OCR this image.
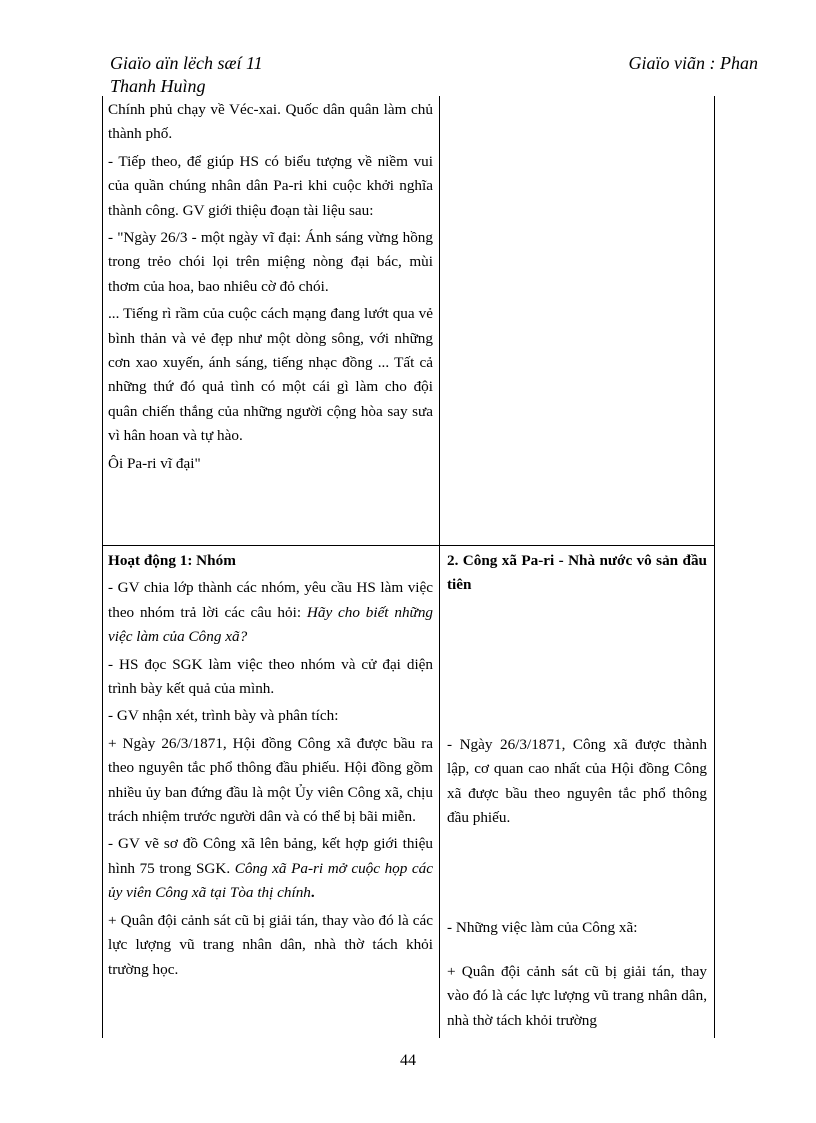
Giaïo aïn lëch sæí 11
Thanh Huìng
Giaïo viãn : Phan

Chính phủ chạy về Véc-xai. Quốc dân quân làm chủ thành phố.

- Tiếp theo, để giúp HS có biểu tượng về niềm vui của quần chúng nhân dân Pa-ri khi cuộc khởi nghĩa thành công. GV giới thiệu đoạn tài liệu sau:

- "Ngày 26/3 - một ngày vĩ đại: Ánh sáng vừng hồng trong trẻo chói lọi trên miệng nòng đại bác, mùi thơm của hoa, bao nhiêu cờ đỏ chói.

... Tiếng rì rầm của cuộc cách mạng đang lướt qua vẻ bình thản và vẻ đẹp như một dòng sông, với những cơn xao xuyến, ánh sáng, tiếng nhạc đồng ... Tất cả những thứ đó quả tình có một cái gì làm cho đội quân chiến thắng của những người cộng hòa say sưa vì hân hoan và tự hào.

Ôi Pa-ri vĩ đại"

Hoạt động 1: Nhóm

- GV chia lớp thành các nhóm, yêu cầu HS làm việc theo nhóm trả lời các câu hỏi: Hãy cho biết những việc làm của Công xã?

- HS đọc SGK làm việc theo nhóm và cử đại diện trình bày kết quả của mình.

- GV nhận xét, trình bày và phân tích:

+ Ngày 26/3/1871, Hội đồng Công xã được bầu ra theo nguyên tắc phổ thông đầu phiếu. Hội đồng gồm nhiều ủy ban đứng đầu là một Ủy viên Công xã, chịu trách nhiệm trước người dân và có thể bị bãi miễn.

- GV vẽ sơ đồ Công xã lên bảng, kết hợp giới thiệu hình 75 trong SGK. Công xã Pa-ri mở cuộc họp các ủy viên Công xã tại Tòa thị chính.

+ Quân đội cảnh sát cũ bị giải tán, thay vào đó là các lực lượng vũ trang nhân dân, nhà thờ tách khỏi trường học.

2. Công xã Pa-ri - Nhà nước vô sản đầu tiên

- Ngày 26/3/1871, Công xã được thành lập, cơ quan cao nhất của Hội đồng Công xã được bầu theo nguyên tắc phổ thông đầu phiếu.

- Những việc làm của Công xã:

+ Quân đội cảnh sát cũ bị giải tán, thay vào đó là các lực lượng vũ trang nhân dân, nhà thờ tách khỏi trường

44
